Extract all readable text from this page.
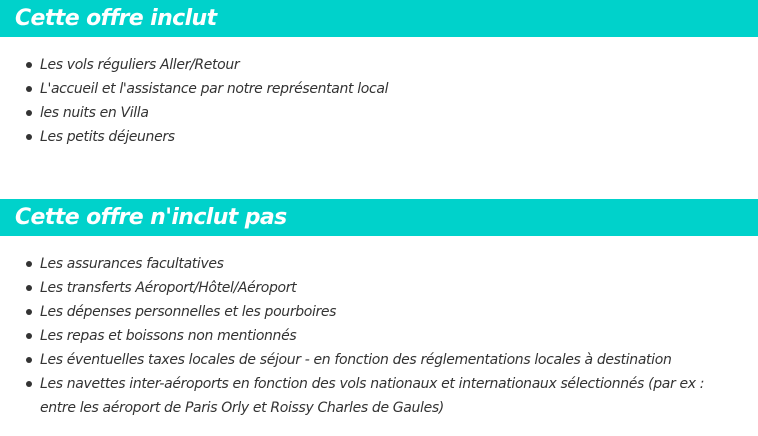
Cette offre inclut
Les vols réguliers Aller/Retour
L'accueil et l'assistance par notre représentant local
les nuits en Villa
Les petits déjeuners
Cette offre n'inclut pas
Les assurances facultatives
Les transferts Aéroport/Hôtel/Aéroport
Les dépenses personnelles et les pourboires
Les repas et boissons non mentionnés
Les éventuelles taxes locales de séjour - en fonction des réglementations locales à destination
Les navettes inter-aéroports en fonction des vols nationaux et internationaux sélectionnés (par ex : entre les aéroport de Paris Orly et Roissy Charles de Gaules)
